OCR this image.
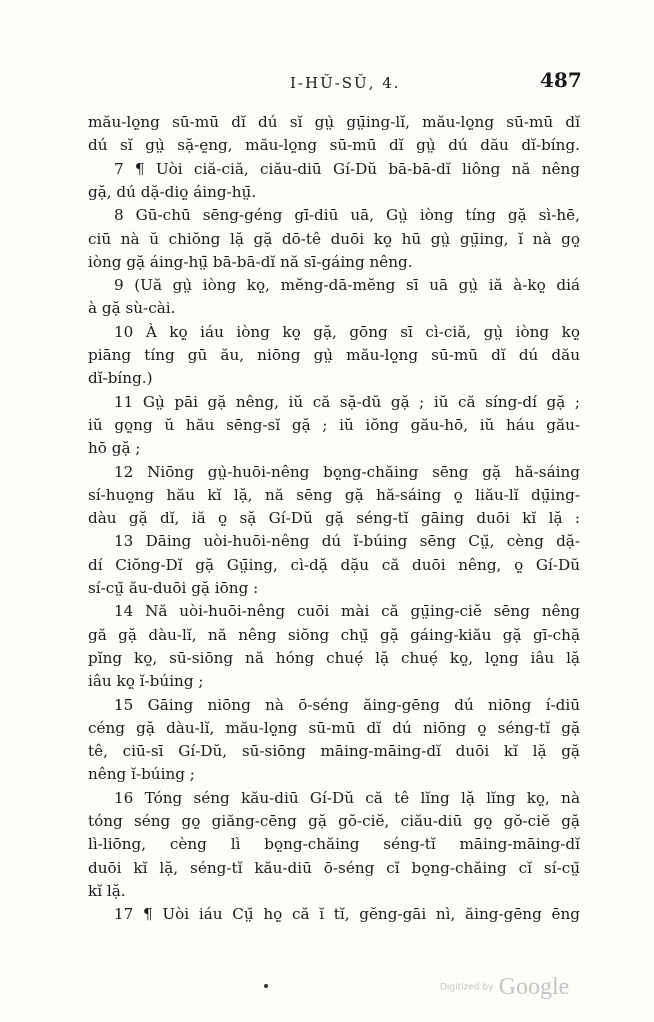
I-HŬ-SŬ, 4.	487
mău-lọ̤ng sū-mū dĭ dú sĭ gṳ̀ gṳ̄ing-lĭ, mău-lọ̤ng sū-mū dĭ
dú sĭ gṳ̀ sặ-ẹ̤ng, mău-lọ̤ng sū-mū dĭ gṳ̀ dú dău dĭ-bíng.
7 ¶ Uòi ciă-ciă, ciău-diū Gí-Dŭ bā-bā-dĭ liông nă nêng
gặ, dú dặ-diọ̤ áing-hṳ̄.
8 Gū-chū sēng-géng gī-diū uā, Gṳ̀ iòng tíng gặ sì-hē,
ciū nà ŭ chiŏng lặ gặ dō-tê duōi kọ̤ hū gṳ̀ gṳ̄ing, ĭ nà gọ̤
iòng gặ áing-hṳ̄ bā-bā-dĭ nă sī-gáing nêng.
9 (Uă gṳ̀ iòng kọ̤, mĕng-dā-mĕng sī uā gṳ̀ iă à-kọ̤ diá
à gặ sù-cài.
10 À kọ̤ iáu iòng kọ̤ gặ, gōng sī cì-ciă, gṳ̀ iòng kọ̤
piāng tíng gū ău, niōng gṳ̀ mău-lọ̤ng sū-mū dĭ dú dău
dĭ-bíng.)
11 Gṳ̀ pāi gặ nêng, iŭ că sặ-dŭ gặ ; iŭ că síng-dí gặ ;
iŭ gọ̤ng ŭ hău sēng-sĭ gặ ; iŭ iŏng gău-hō, iŭ háu gău-
hō gặ ;
12 Niōng gṳ̀-huōi-nêng bọ̤ng-chăing sēng gặ hă-sáing
sí-huọ̤ng hău kĭ lặ, nă sēng gặ hă-sáing ọ̤ liău-lĭ dṳ̄ing-
dàu gặ dĭ, iă ọ̤ sặ Gí-Dŭ gặ séng-tĭ gāing duōi kĭ lặ :
13 Dāing uòi-huōi-nêng dú ĭ-búing sēng Cṳ̆, cèng dặ-
dí Ciŏng-Dĭ gặ Gṳ̄ing, cì-dặ dặu că duōi nêng, ọ̤ Gí-Dŭ
sí-cṳ̆ ău-duōi gặ iōng :
14 Nă uòi-huōi-nêng cuōi mài că gṳ̄ing-ciĕ sēng nêng
gă gặ dàu-lĭ, nă nêng siŏng chṳ̆ gặ gáing-kiău gặ gī-chặ
pĭng kọ̤, sū-siōng nă hóng chuẹ́ lặ chuẹ́ kọ̤, lọ̤ng iâu lặ
iâu kọ̤ ĭ-búing ;
15 Gāing niōng nà ō-séng ăing-gēng dú niōng í-diū
céng gặ dàu-lĭ, mău-lọ̤ng sū-mū dĭ dú niōng ọ̤ séng-tĭ gặ
tê, ciū-sī Gí-Dŭ, sū-siōng māing-māing-dĭ duōi kĭ lặ gặ
nêng ĭ-búing ;
16 Tóng séng kău-diū Gí-Dŭ că tê lĭng lặ lĭng kọ̤, nà
tóng séng gọ̤ giăng-cēng gặ gŏ-ciĕ, ciău-diū gọ̤ gŏ-ciĕ gặ
lì-liōng, cèng lì bọ̤ng-chăing séng-tĭ māing-māing-dĭ
duōi kĭ lặ, séng-tĭ kău-diū ō-séng cĭ bọ̤ng-chăing cĭ sí-cṳ̆
kĭ lặ.
17 ¶ Uòi iáu Cṳ̆ họ̤ că ĭ tĭ, gĕng-gāi nì, ăing-gēng ēng
Digitized by Google
